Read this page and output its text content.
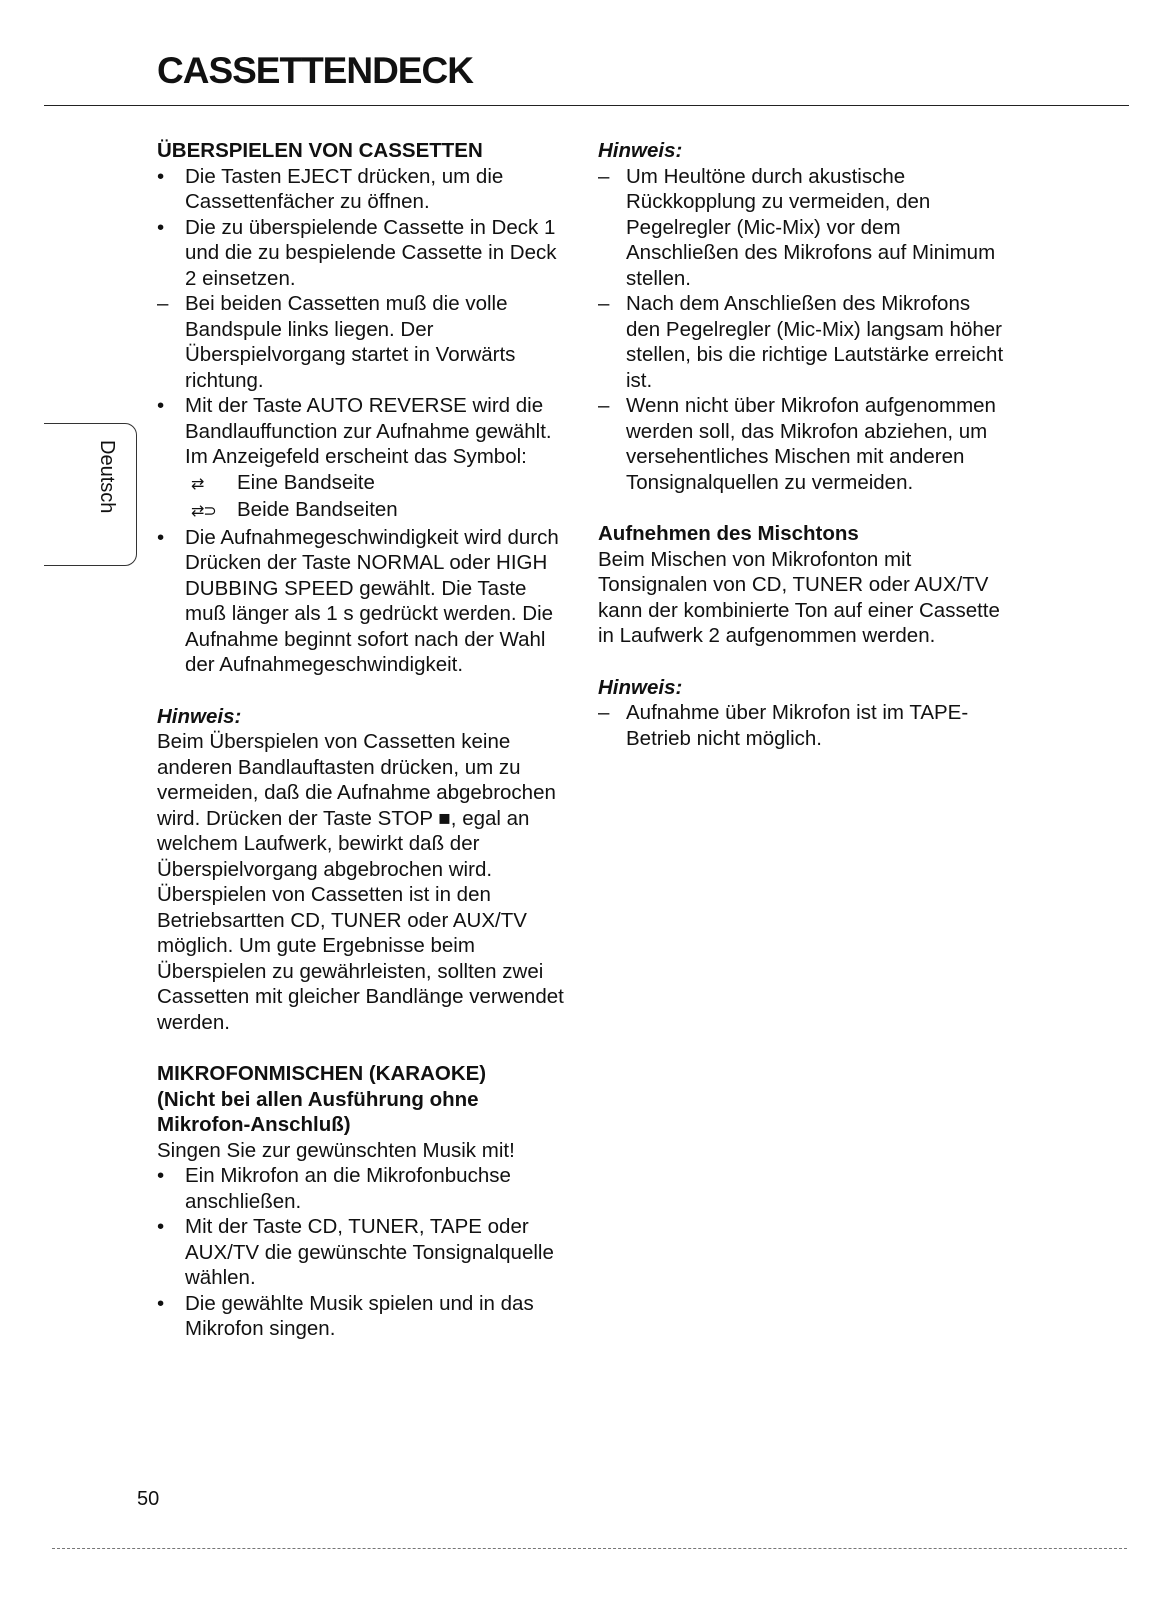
CASSETTENDECK
Deutsch
ÜBERSPIELEN VON CASSETTEN
•	Die Tasten EJECT drücken, um die Cassettenfächer zu öffnen.
•	Die zu überspielende Cassette in Deck 1 und die zu bespielende Cassette in Deck 2 einsetzen.
– Bei beiden Cassetten muß die volle Bandspule links liegen. Der Überspielvorgang startet in Vorwärts richtung.
•	Mit der Taste AUTO REVERSE wird die Bandlauffunction zur Aufnahme gewählt. Im Anzeigefeld erscheint das Symbol:
⇄ Eine Bandseite
⇄⊃ Beide Bandseiten
•	Die Aufnahmegeschwindigkeit wird durch Drücken der Taste NORMAL oder HIGH DUBBING SPEED gewählt. Die Taste muß länger als 1 s gedrückt werden. Die Aufnahme beginnt sofort nach der Wahl der Aufnahmegeschwindigkeit.
Hinweis:

Beim Überspielen von Cassetten keine anderen Bandlauftasten drücken, um zu vermeiden, daß die Aufnahme abgebrochen wird. Drücken der Taste STOP ■, egal an welchem Laufwerk, bewirkt daß der Überspielvorgang abgebrochen wird.

Überspielen von Cassetten ist in den Betriebsartten CD, TUNER oder AUX/TV möglich. Um gute Ergebnisse beim Überspielen zu gewährleisten, sollten zwei Cassetten mit gleicher Bandlänge verwendet werden.

MIKROFONMISCHEN (KARAOKE)
(Nicht bei allen Ausführung ohne
Mikrofon-Anschluß)

Singen Sie zur gewünschten Musik mit!

•	Ein Mikrofon an die Mikrofonbuchse anschließen.
•	Mit der Taste CD, TUNER, TAPE oder AUX/TV die gewünschte Tonsignalquelle wählen.
•	Die gewählte Musik spielen und in das Mikrofon singen.
Hinweis:
– Um Heultöne durch akustische Rückkopplung zu vermeiden, den Pegelregler (Mic-Mix) vor dem Anschließen des Mikrofons auf Minimum stellen.
– Nach dem Anschließen des Mikrofons den Pegelregler (Mic-Mix) langsam höher stellen, bis die richtige Lautstärke erreicht ist.
– Wenn nicht über Mikrofon aufgenommen werden soll, das Mikrofon abziehen, um versehentliches Mischen mit anderen Tonsignalquellen zu vermeiden.
Aufnehmen des Mischtons

Beim Mischen von Mikrofonton mit Tonsignalen von CD, TUNER oder AUX/TV kann der kombinierte Ton auf einer Cassette in Laufwerk 2 aufgenommen werden.

Hinweis:
– Aufnahme über Mikrofon ist im TAPE-Betrieb nicht möglich.
50
